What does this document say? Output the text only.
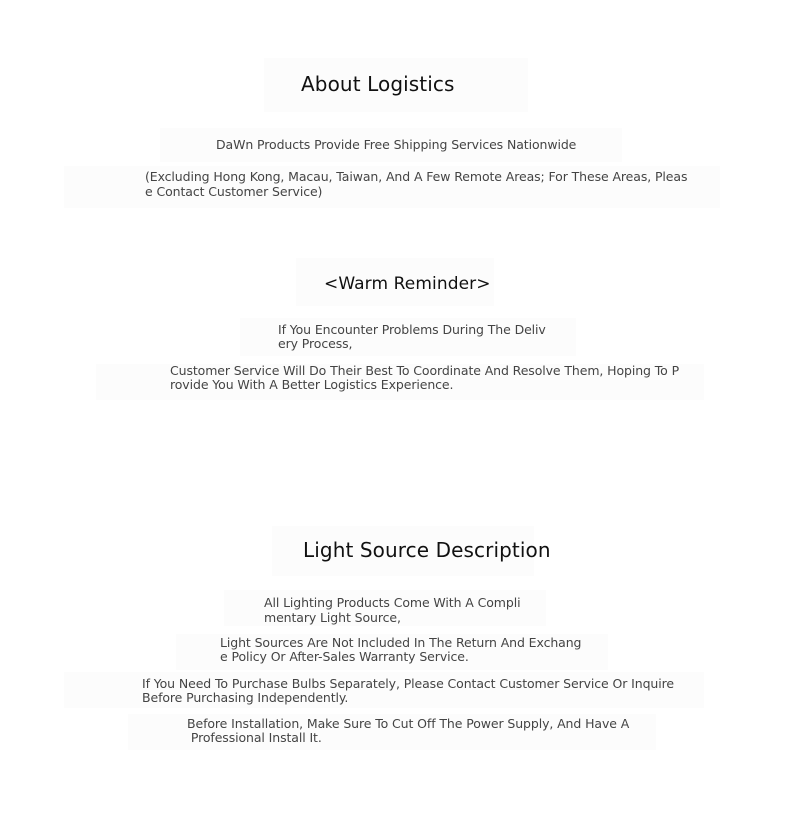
About Logistics
DaWn Products Provide Free Shipping Services Nationwide
(Excluding Hong Kong, Macau, Taiwan, And A Few Remote Areas; For These Areas, Pleas
e Contact Customer Service)
<Warm Reminder>
If You Encounter Problems During The Deliv
ery Process,
Customer Service Will Do Their Best To Coordinate And Resolve Them, Hoping To P
rovide You With A Better Logistics Experience.
Light Source Description
All Lighting Products Come With A Compli
mentary Light Source,
Light Sources Are Not Included In The Return And Exchang
e Policy Or After-Sales Warranty Service.
If You Need To Purchase Bulbs Separately, Please Contact Customer Service Or Inquire
Before Purchasing Independently.
Before Installation, Make Sure To Cut Off The Power Supply, And Have A
Professional Install It.
